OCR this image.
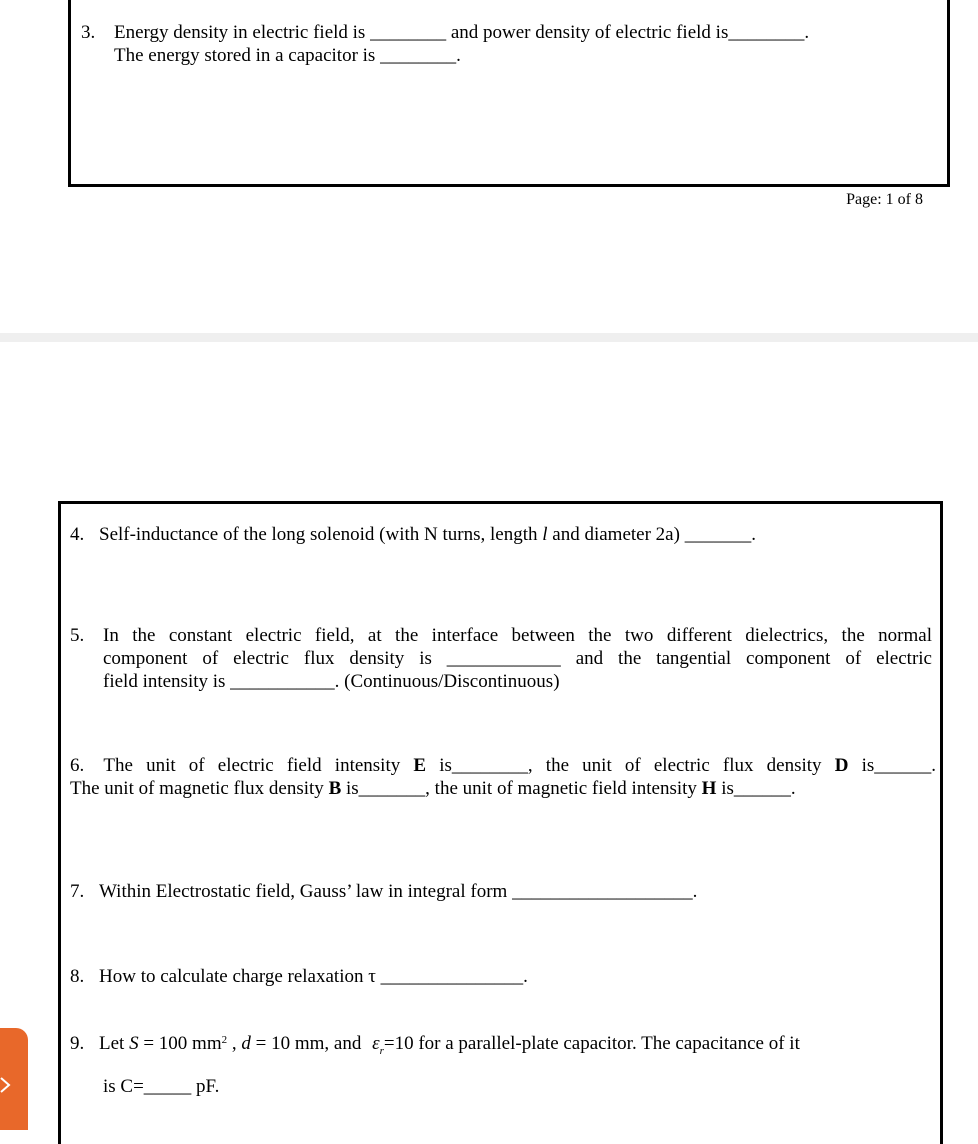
3. Energy density in electric field is ________ and power density of electric field is________.
The energy stored in a capacitor is ________.
Page: 1 of 8
4. Self-inductance of the long solenoid (with N turns, length l and diameter 2a) _______.
5. In the constant electric field, at the interface between the two different dielectrics, the normal
component of electric flux density is ____________ and the tangential component of electric
field intensity is ___________. (Continuous/Discontinuous)
6. The unit of electric field intensity E is________, the unit of electric flux density D is______.
The unit of magnetic flux density B is_______, the unit of magnetic field intensity H is______.
7. Within Electrostatic field, Gauss’ law in integral form ___________________.
8. How to calculate charge relaxation τ _______________.
9. Let S = 100 $mm^2$ , d = 10 mm, and $\varepsilon_r=10$ for a parallel-plate capacitor. The capacitance of it
is C=_____ pF.
